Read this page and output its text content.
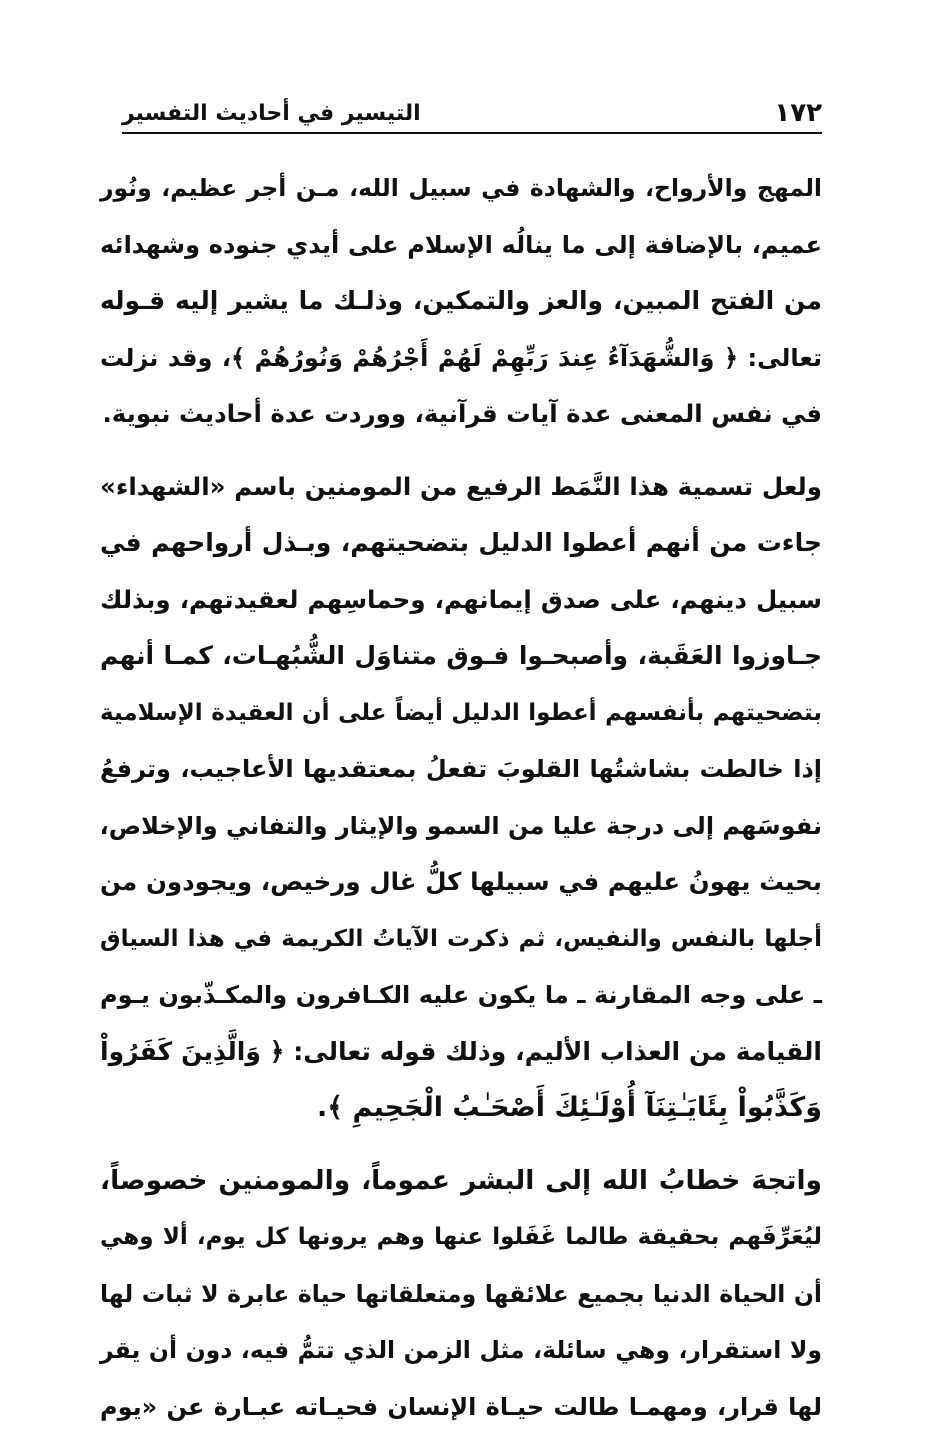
١٧٢
التيسير في أحاديث التفسير
المهج والأرواح، والشهادة في سبيل الله، مـن أجر عظيم، ونُور
عميم، بالإضافة إلى ما ينالُه الإسلام على أيدي جنوده وشهدائه
من الفتح المبين، والعز والتمكين، وذلـك ما يشير إليه قـوله
تعالى: ﴿ وَالشُّهَدَآءُ عِندَ رَبِّهِمْ لَهُمْ أَجْرُهُمْ وَنُورُهُمْ ﴾، وقد نزلت
في نفس المعنى عدة آيات قرآنية، ووردت عدة أحاديث نبوية.
ولعل تسمية هذا النَّمَط الرفيع من المومنين باسم «الشهداء»
جاءت من أنهم أعطوا الدليل بتضحيتهم، وبـذل أرواحهم في
سبيل دينهم، على صدق إيمانهم، وحماسِهم لعقيدتهم، وبذلك
جـاوزوا العَقَبة، وأصبحـوا فـوق متناوَل الشُّبُهـات، كمـا أنهم
بتضحيتهم بأنفسهم أعطوا الدليل أيضاً على أن العقيدة الإسلامية
إذا خالطت بشاشتُها القلوبَ تفعلُ بمعتقديها الأعاجيب، وترفعُ
نفوسَهم إلى درجة عليا من السمو والإيثار والتفاني والإخلاص،
بحيث يهونُ عليهم في سبيلها كلُّ غال ورخيص، ويجودون من
أجلها بالنفس والنفيس، ثم ذكرت الآياتُ الكريمة في هذا السياق
ـ على وجه المقارنة ـ ما يكون عليه الكـافرون والمكـذّبون يـوم
القيامة من العذاب الأليم، وذلك قوله تعالى: ﴿ وَالَّذِينَ كَفَرُواْ
وَكَذَّبُواْ بِئَايَـٰتِنَآ أُوْلَـٰئِكَ أَصْحَـٰبُ الْجَحِيمِ ﴾.
واتجهَ خطابُ الله إلى البشر عموماً، والمومنين خصوصاً،
ليُعَرِّفَهم بحقيقة طالما غَفَلوا عنها وهم يرونها كل يوم، ألا وهي
أن الحياة الدنيا بجميع علائقها ومتعلقاتها حياة عابرة لا ثبات لها
ولا استقرار، وهي سائلة، مثل الزمن الذي تتمُّ فيه، دون أن يقر
لها قرار، ومهمـا طالت حيـاة الإنسان فحيـاته عبـارة عن «يوم
